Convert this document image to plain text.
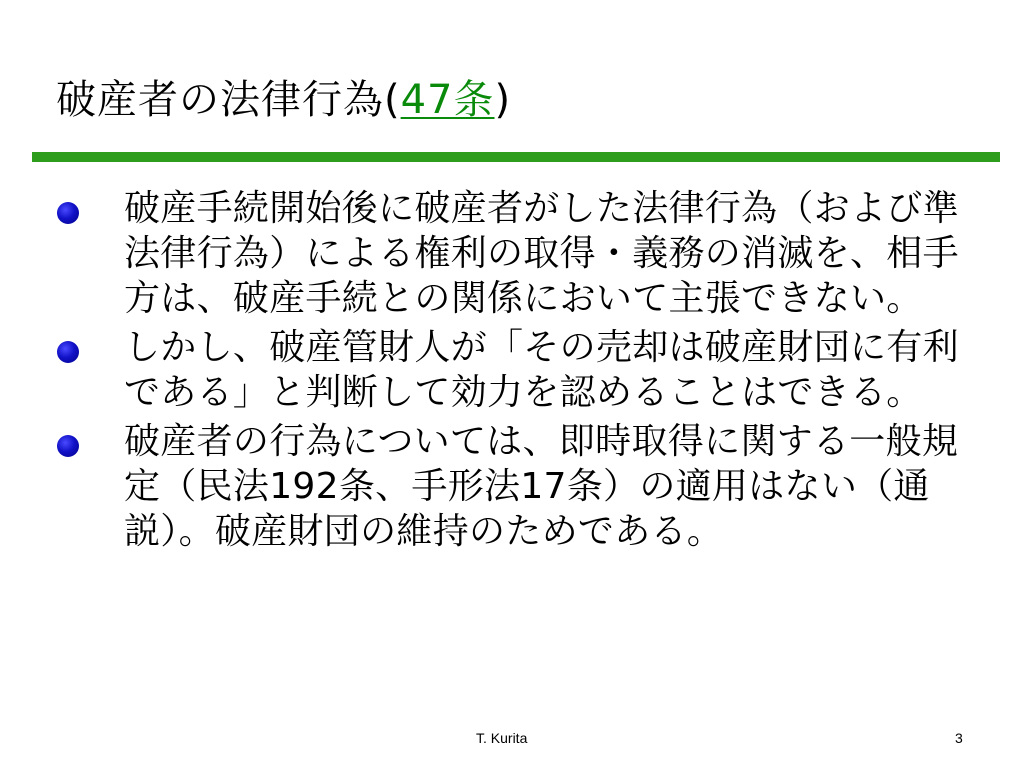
破産者の法律行為(47条)
破産手続開始後に破産者がした法律行為（および準法律行為）による権利の取得・義務の消滅を、相手方は、破産手続との関係において主張できない。
しかし、破産管財人が「その売却は破産財団に有利である」と判断して効力を認めることはできる。
破産者の行為については、即時取得に関する一般規定（民法192条、手形法17条）の適用はない（通説）。破産財団の維持のためである。
T. Kurita	3
